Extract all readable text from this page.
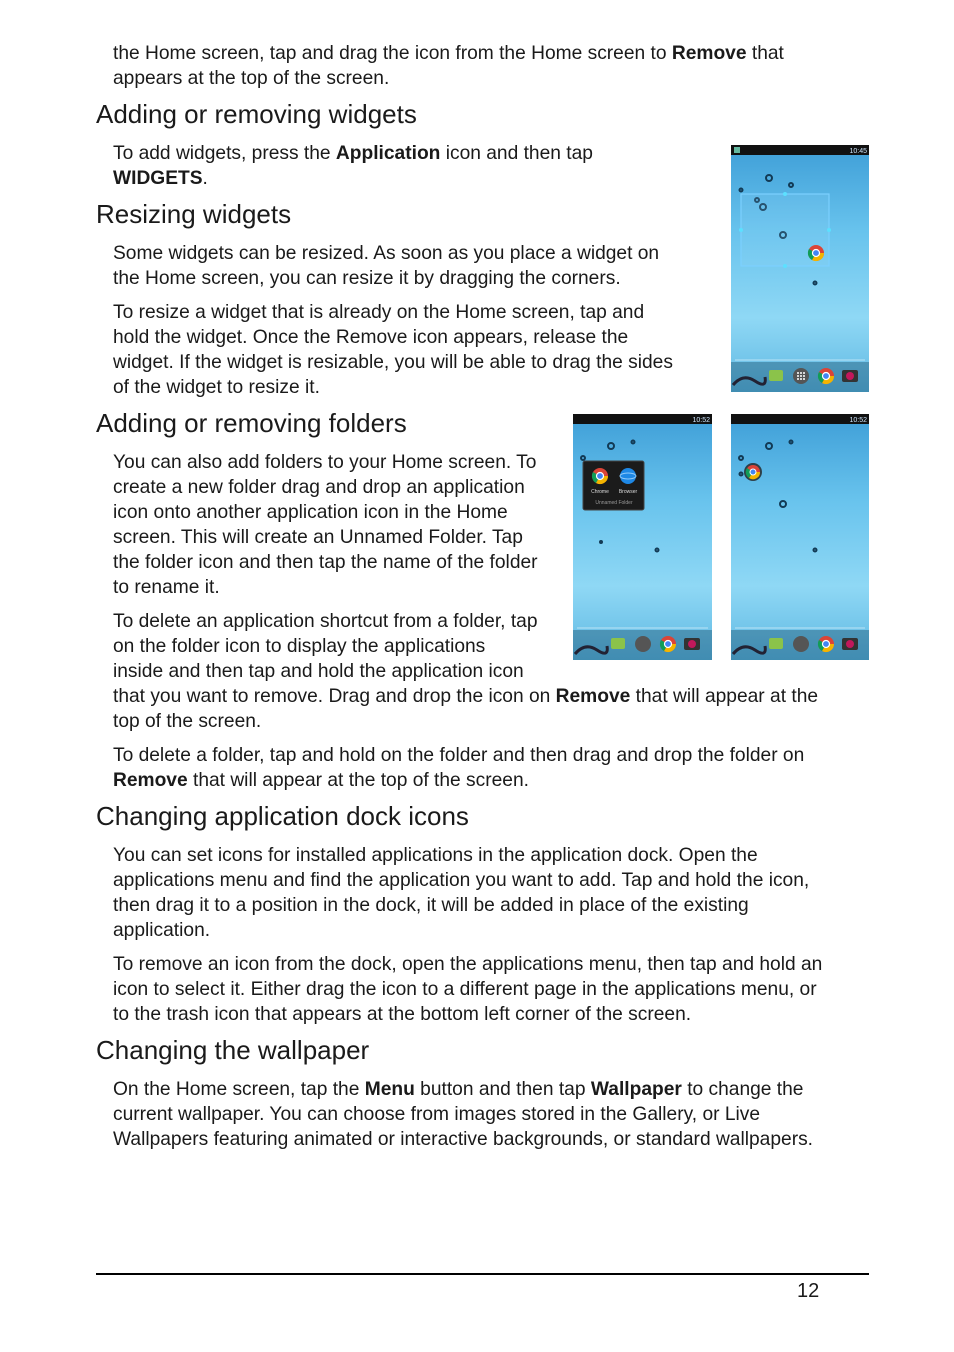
the Home screen, tap and drag the icon from the Home screen to Remove that

appears at the top of the screen.

Adding or removing widgets

To add widgets, press the Application icon and then tap

WIDGETS.

Resizing widgets

Some widgets can be resized. As soon as you place a widget on

the Home screen, you can resize it by dragging the corners.

To resize a widget that is already on the Home screen, tap and

hold the widget. Once the Remove icon appears, release the

widget. If the widget is resizable, you will be able to drag the sides

of the widget to resize it.

Adding or removing folders

You can also add folders to your Home screen. To

create a new folder drag and drop an application

icon onto another application icon in the Home

screen. This will create an Unnamed Folder. Tap

the folder icon and then tap the name of the folder

to rename it.

To delete an application shortcut from a folder, tap

on the folder icon to display the applications

inside and then tap and hold the application icon

that you want to remove. Drag and drop the icon on Remove that will appear at the

top of the screen.

To delete a folder, tap and hold on the folder and then drag and drop the folder on

Remove that will appear at the top of the screen.

Changing application dock icons

You can set icons for installed applications in the application dock. Open the

applications menu and find the application you want to add. Tap and hold the icon,

then drag it to a position in the dock, it will be added in place of the existing

application.

To remove an icon from the dock, open the applications menu, then tap and hold an

icon to select it. Either drag the icon to a different page in the applications menu, or

to the trash icon that appears at the bottom left corner of the screen.

Changing the wallpaper

On the Home screen, tap the Menu button and then tap Wallpaper to change the

current wallpaper. You can choose from images stored in the Gallery, or Live

Wallpapers featuring animated or interactive backgrounds, or standard wallpapers.

10:45
10:52
Chrome Browser
Unnamed Folder
10:52
12
